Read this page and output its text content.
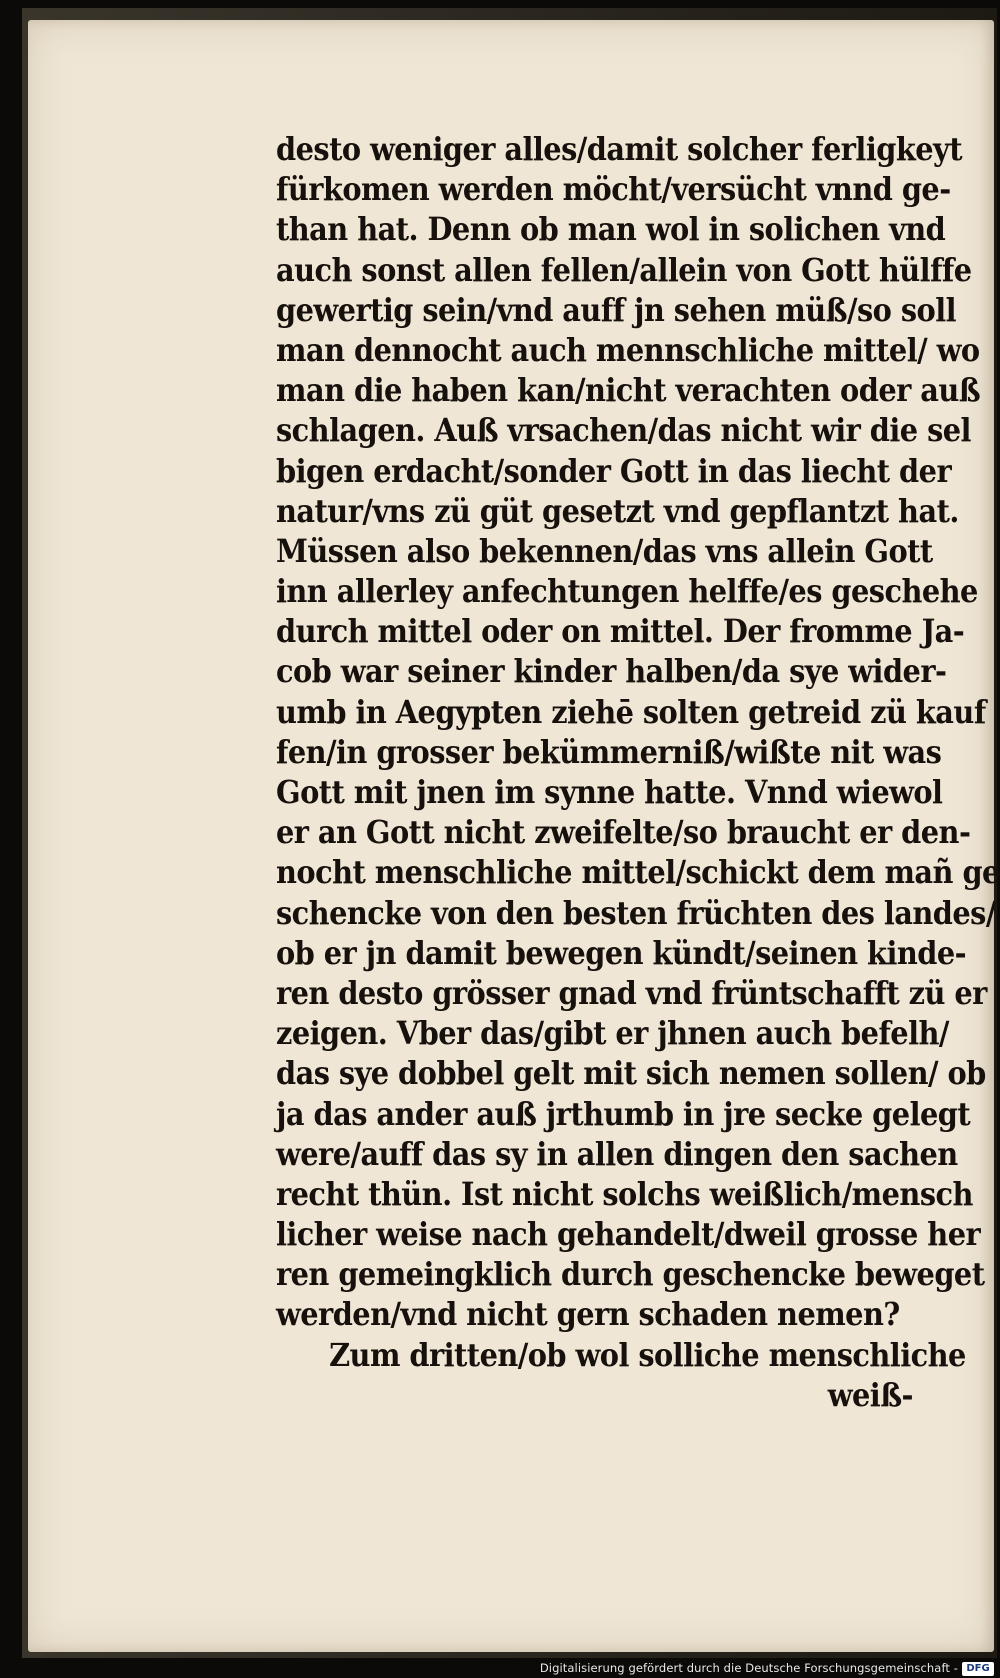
desto weniger alles/damit solcher ferligkeyt
fürkomen werden möcht/versücht vnnd ge-
than hat. Denn ob man wol in solichen vnd
auch sonst allen fellen/allein von Gott hülffe
gewertig sein/vnd auff jn sehen müß/so soll
man dennocht auch mennschliche mittel/ wo
man die haben kan/nicht verachten oder auß
schlagen. Auß vrsachen/das nicht wir die sel
bigen erdacht/sonder Gott in das liecht der
natur/vns zü güt gesetzt vnd gepflantzt hat.
Müssen also bekennen/das vns allein Gott
inn allerley anfechtungen helffe/es geschehe
durch mittel oder on mittel. Der fromme Ja-
cob war seiner kinder halben/da sye wider-
umb in Aegypten ziehē solten getreid zü kauf
fen/in grosser bekümmerniß/wißte nit was
Gott mit jnen im synne hatte. Vnnd wiewol
er an Gott nicht zweifelte/so braucht er den-
nocht menschliche mittel/schickt dem mañ ge
schencke von den besten früchten des landes/
ob er jn damit bewegen kündt/seinen kinde-
ren desto grösser gnad vnd früntschafft zü er
zeigen. Vber das/gibt er jhnen auch befelh/
das sye dobbel gelt mit sich nemen sollen/ ob
ja das ander auß jrthumb in jre secke gelegt
were/auff das sy in allen dingen den sachen
recht thün. Ist nicht solchs weißlich/mensch
licher weise nach gehandelt/dweil grosse her
ren gemeingklich durch geschencke beweget
werden/vnd nicht gern schaden nemen?
Zum dritten/ob wol solliche menschliche
weiß-
Digitalisierung gefördert durch die Deutsche Forschungsgemeinschaft - DFG
